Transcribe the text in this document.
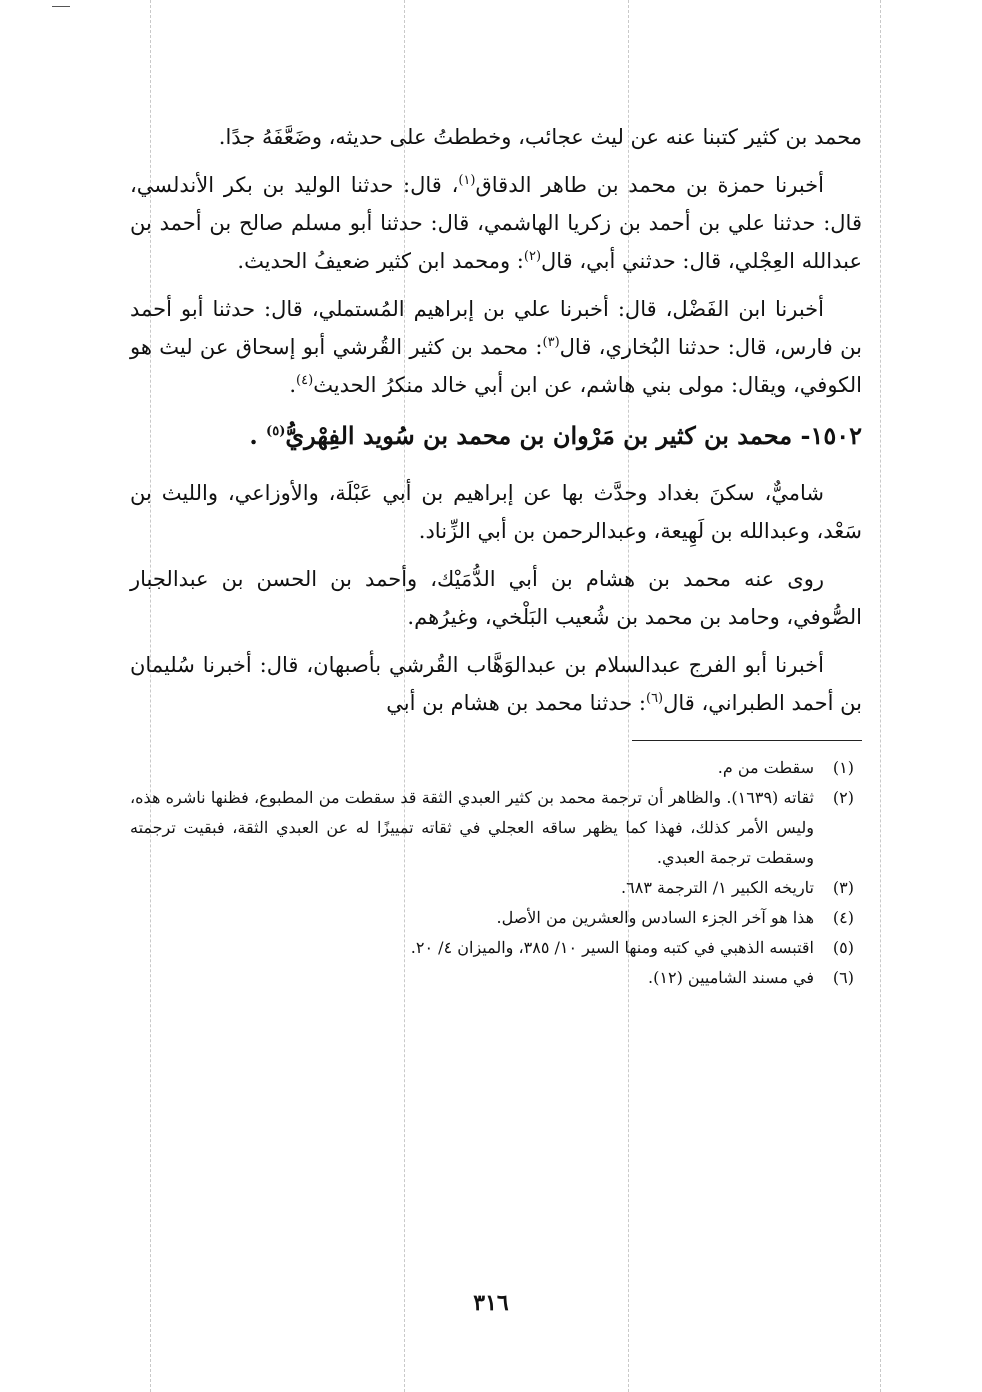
محمد بن كثير كتبنا عنه عن ليث عجائب، وخططتُ على حديثه، وضَعَّفَهُ جدًا.

أخبرنا حمزة بن محمد بن طاهر الدقاق$^{(١)}$، قال: حدثنا الوليد بن بكر الأندلسي، قال: حدثنا علي بن أحمد بن زكريا الهاشمي، قال: حدثنا أبو مسلم صالح بن أحمد بن عبدالله العِجْلي، قال: حدثني أبي، قال$^{(٢)}$: ومحمد ابن كثير ضعيفُ الحديث.

أخبرنا ابن الفَضْل، قال: أخبرنا علي بن إبراهيم المُستملي، قال: حدثنا أبو أحمد بن فارس، قال: حدثنا البُخاري، قال$^{(٣)}$: محمد بن كثير القُرشي أبو إسحاق عن ليث هو الكوفي، ويقال: مولى بني هاشم، عن ابن أبي خالد منكرُ الحديث$^{(٤)}$.

١٥٠٢- محمد بن كثير بن مَرْوان بن محمد بن سُويد الفِهْريُّ$^{(٥)}$ .

شاميٌّ، سكنَ بغداد وحدَّث بها عن إبراهيم بن أبي عَبْلَة، والأوزاعي، والليث بن سَعْد، وعبدالله بن لَهِيعة، وعبدالرحمن بن أبي الزِّناد.

روى عنه محمد بن هشام بن أبي الدُّمَيْك، وأحمد بن الحسن بن عبدالجبار الصُّوفي، وحامد بن محمد بن شُعيب البَلْخي، وغيرُهم.

أخبرنا أبو الفرج عبدالسلام بن عبدالوَهَّاب القُرشي بأصبهان، قال: أخبرنا سُليمان بن أحمد الطبراني، قال$^{(٦)}$: حدثنا محمد بن هشام بن أبي

(١)
سقطت من م.
(٢)
ثقاته (١٦٣٩). والظاهر أن ترجمة محمد بن كثير العبدي الثقة قد سقطت من المطبوع، فظنها ناشره هذه، وليس الأمر كذلك، فهذا كما يظهر ساقه العجلي في ثقاته تمييزًا له عن العبدي الثقة، فبقيت ترجمته وسقطت ترجمة العبدي.
(٣)
تاريخه الكبير ١/ الترجمة ٦٨٣.
(٤)
هذا هو آخر الجزء السادس والعشرين من الأصل.
(٥)
اقتبسه الذهبي في كتبه ومنها السير ١٠/ ٣٨٥، والميزان ٤/ ٢٠.
(٦)
في مسند الشاميين (١٢).
٣١٦
